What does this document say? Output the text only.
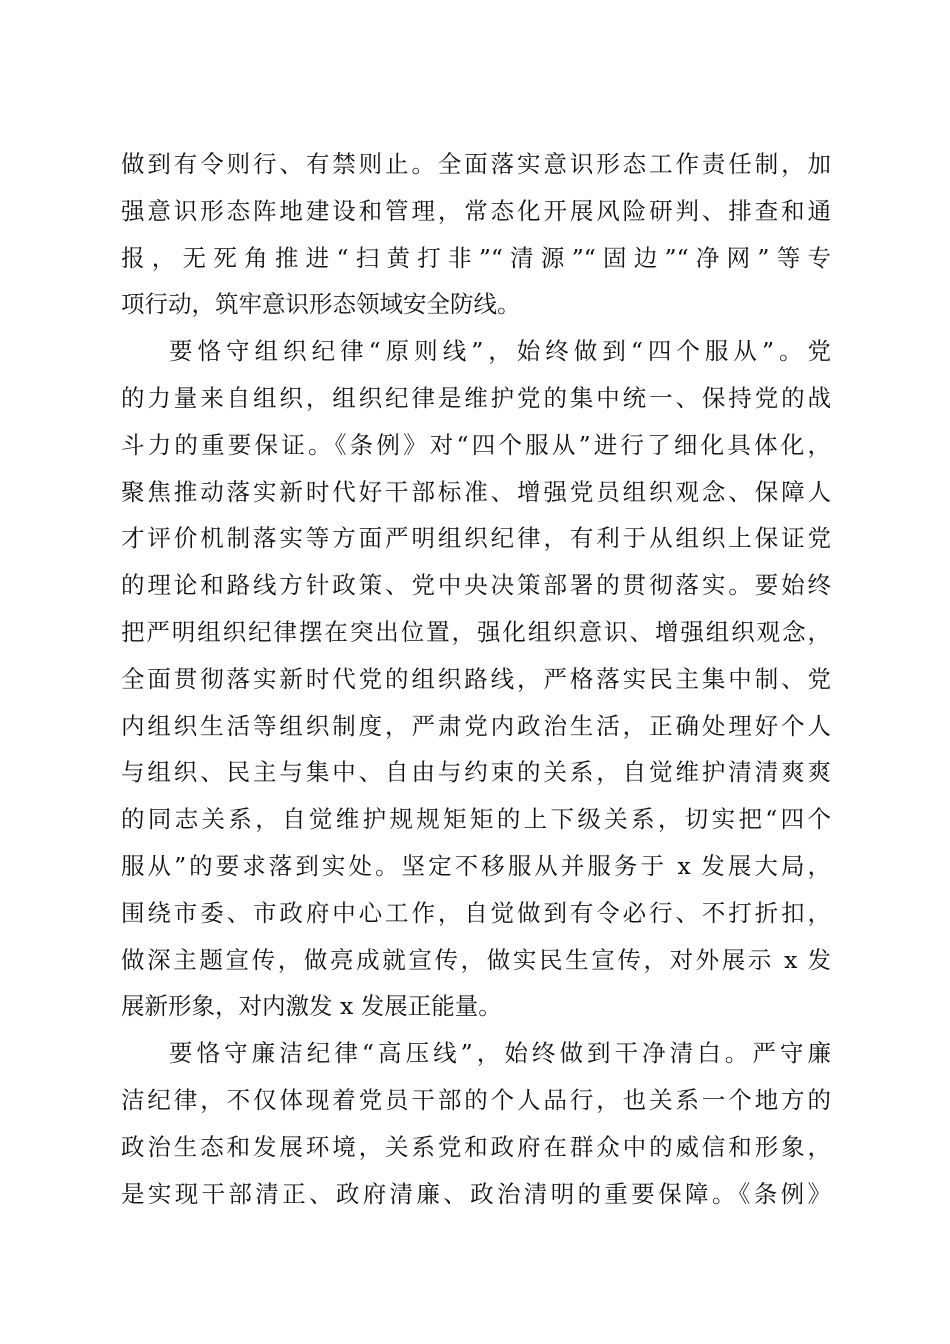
做到有令则行、有禁则止。全面落实意识形态工作责任制，加
强意识形态阵地建设和管理，常态化开展风险研判、排查和通
报，无死角推进“扫黄打非”“清源”“固边”“净网”等专
项行动，筑牢意识形态领域安全防线。
要恪守组织纪律“原则线”，始终做到“四个服从”。党
的力量来自组织，组织纪律是维护党的集中统一、保持党的战
斗力的重要保证。《条例》对“四个服从”进行了细化具体化，
聚焦推动落实新时代好干部标准、增强党员组织观念、保障人
才评价机制落实等方面严明组织纪律，有利于从组织上保证党
的理论和路线方针政策、党中央决策部署的贯彻落实。要始终
把严明组织纪律摆在突出位置，强化组织意识、增强组织观念，
全面贯彻落实新时代党的组织路线，严格落实民主集中制、党
内组织生活等组织制度，严肃党内政治生活，正确处理好个人
与组织、民主与集中、自由与约束的关系，自觉维护清清爽爽
的同志关系，自觉维护规规矩矩的上下级关系，切实把“四个
服从”的要求落到实处。坚定不移服从并服务于 x 发展大局，
围绕市委、市政府中心工作，自觉做到有令必行、不打折扣，
做深主题宣传，做亮成就宣传，做实民生宣传，对外展示 x 发
展新形象，对内激发 x 发展正能量。
要恪守廉洁纪律“高压线”，始终做到干净清白。严守廉
洁纪律，不仅体现着党员干部的个人品行，也关系一个地方的
政治生态和发展环境，关系党和政府在群众中的威信和形象，
是实现干部清正、政府清廉、政治清明的重要保障。《条例》
